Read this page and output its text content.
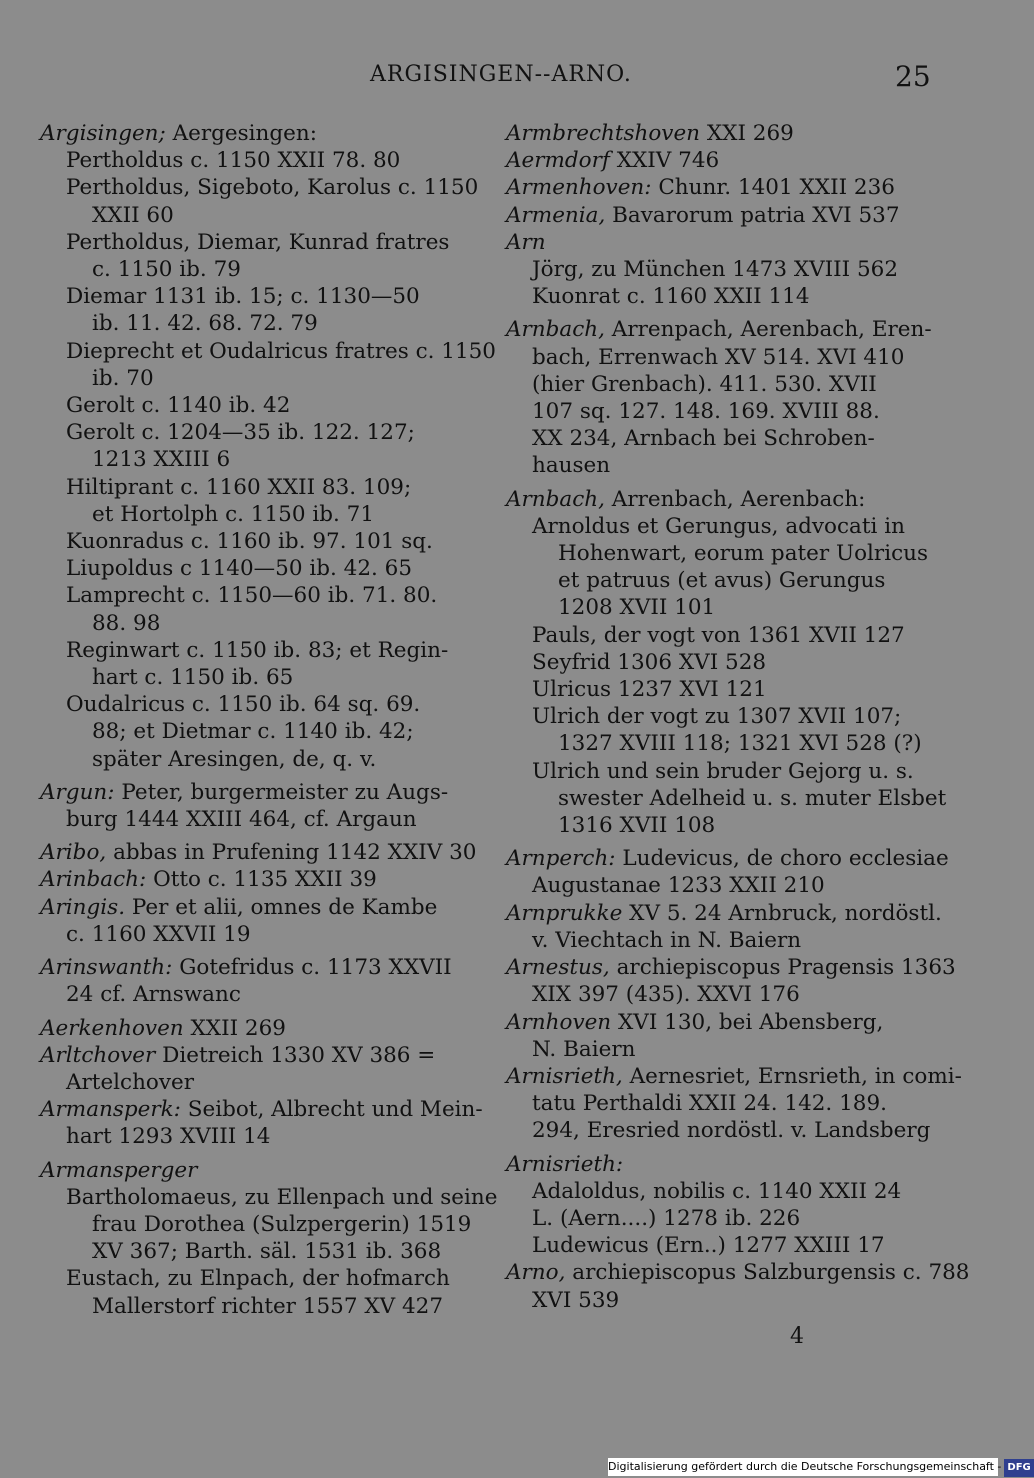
ARGISINGEN--ARNO.	25
Argisingen; Aergesingen:
Pertholdus c. 1150 XXII 78. 80
Pertholdus, Sigeboto, Karolus c. 1150
XXII 60
Pertholdus, Diemar, Kunrad fratres
c. 1150 ib. 79
Diemar 1131 ib. 15; c. 1130—50
ib. 11. 42. 68. 72. 79
Dieprecht et Oudalricus fratres c. 1150
ib. 70
Gerolt c. 1140 ib. 42
Gerolt c. 1204—35 ib. 122. 127;
1213 XXIII 6
Hiltiprant c. 1160 XXII 83. 109;
et Hortolph c. 1150 ib. 71
Kuonradus c. 1160 ib. 97. 101 sq.
Liupoldus c 1140—50 ib. 42. 65
Lamprecht c. 1150—60 ib. 71. 80.
88. 98
Reginwart c. 1150 ib. 83; et Regin-
hart c. 1150 ib. 65
Oudalricus c. 1150 ib. 64 sq. 69.
88; et Dietmar c. 1140 ib. 42;
später Aresingen, de, q. v.
Argun: Peter, burgermeister zu Augs-
burg 1444 XXIII 464, cf. Argaun
Aribo, abbas in Prufening 1142 XXIV 30
Arinbach: Otto c. 1135 XXII 39
Aringis. Per et alii, omnes de Kambe
c. 1160 XXVII 19
Arinswanth: Gotefridus c. 1173 XXVII
24 cf. Arnswanc
Aerkenhoven XXII 269
Arltchover Dietreich 1330 XV 386 =
Artelchover
Armansperk: Seibot, Albrecht und Mein-
hart 1293 XVIII 14
Armansperger
Bartholomaeus, zu Ellenpach und seine
frau Dorothea (Sulzpergerin) 1519
XV 367; Barth. säl. 1531 ib. 368
Eustach, zu Elnpach, der hofmarch
Mallerstorf richter 1557 XV 427
Armbrechtshoven XXI 269
Aermdorf XXIV 746
Armenhoven: Chunr. 1401 XXII 236
Armenia, Bavarorum patria XVI 537
Arn
Jörg, zu München 1473 XVIII 562
Kuonrat c. 1160 XXII 114
Arnbach, Arrenpach, Aerenbach, Eren-
bach, Errenwach XV 514. XVI 410
(hier Grenbach). 411. 530. XVII
107 sq. 127. 148. 169. XVIII 88.
XX 234, Arnbach bei Schroben-
hausen
Arnbach, Arrenbach, Aerenbach:
Arnoldus et Gerungus, advocati in
Hohenwart, eorum pater Uolricus
et patruus (et avus) Gerungus
1208 XVII 101
Pauls, der vogt von 1361 XVII 127
Seyfrid 1306 XVI 528
Ulricus 1237 XVI 121
Ulrich der vogt zu 1307 XVII 107;
1327 XVIII 118; 1321 XVI 528 (?)
Ulrich und sein bruder Gejorg u. s.
swester Adelheid u. s. muter Elsbet
1316 XVII 108
Arnperch: Ludevicus, de choro ecclesiae
Augustanae 1233 XXII 210
Arnprukke XV 5. 24 Arnbruck, nordöstl.
v. Viechtach in N. Baiern
Arnestus, archiepiscopus Pragensis 1363
XIX 397 (435). XXVI 176
Arnhoven XVI 130, bei Abensberg,
N. Baiern
Arnisrieth, Aernesriet, Ernsrieth, in comi-
tatu Perthaldi XXII 24. 142. 189.
294, Eresried nordöstl. v. Landsberg
Arnisrieth:
Adaloldus, nobilis c. 1140 XXII 24
L. (Aern....) 1278 ib. 226
Ludewicus (Ern..) 1277 XXIII 17
Arno, archiepiscopus Salzburgensis c. 788
XVI 539
4
Digitalisierung gefördert durch die Deutsche Forschungsgemeinschaft - DFG
